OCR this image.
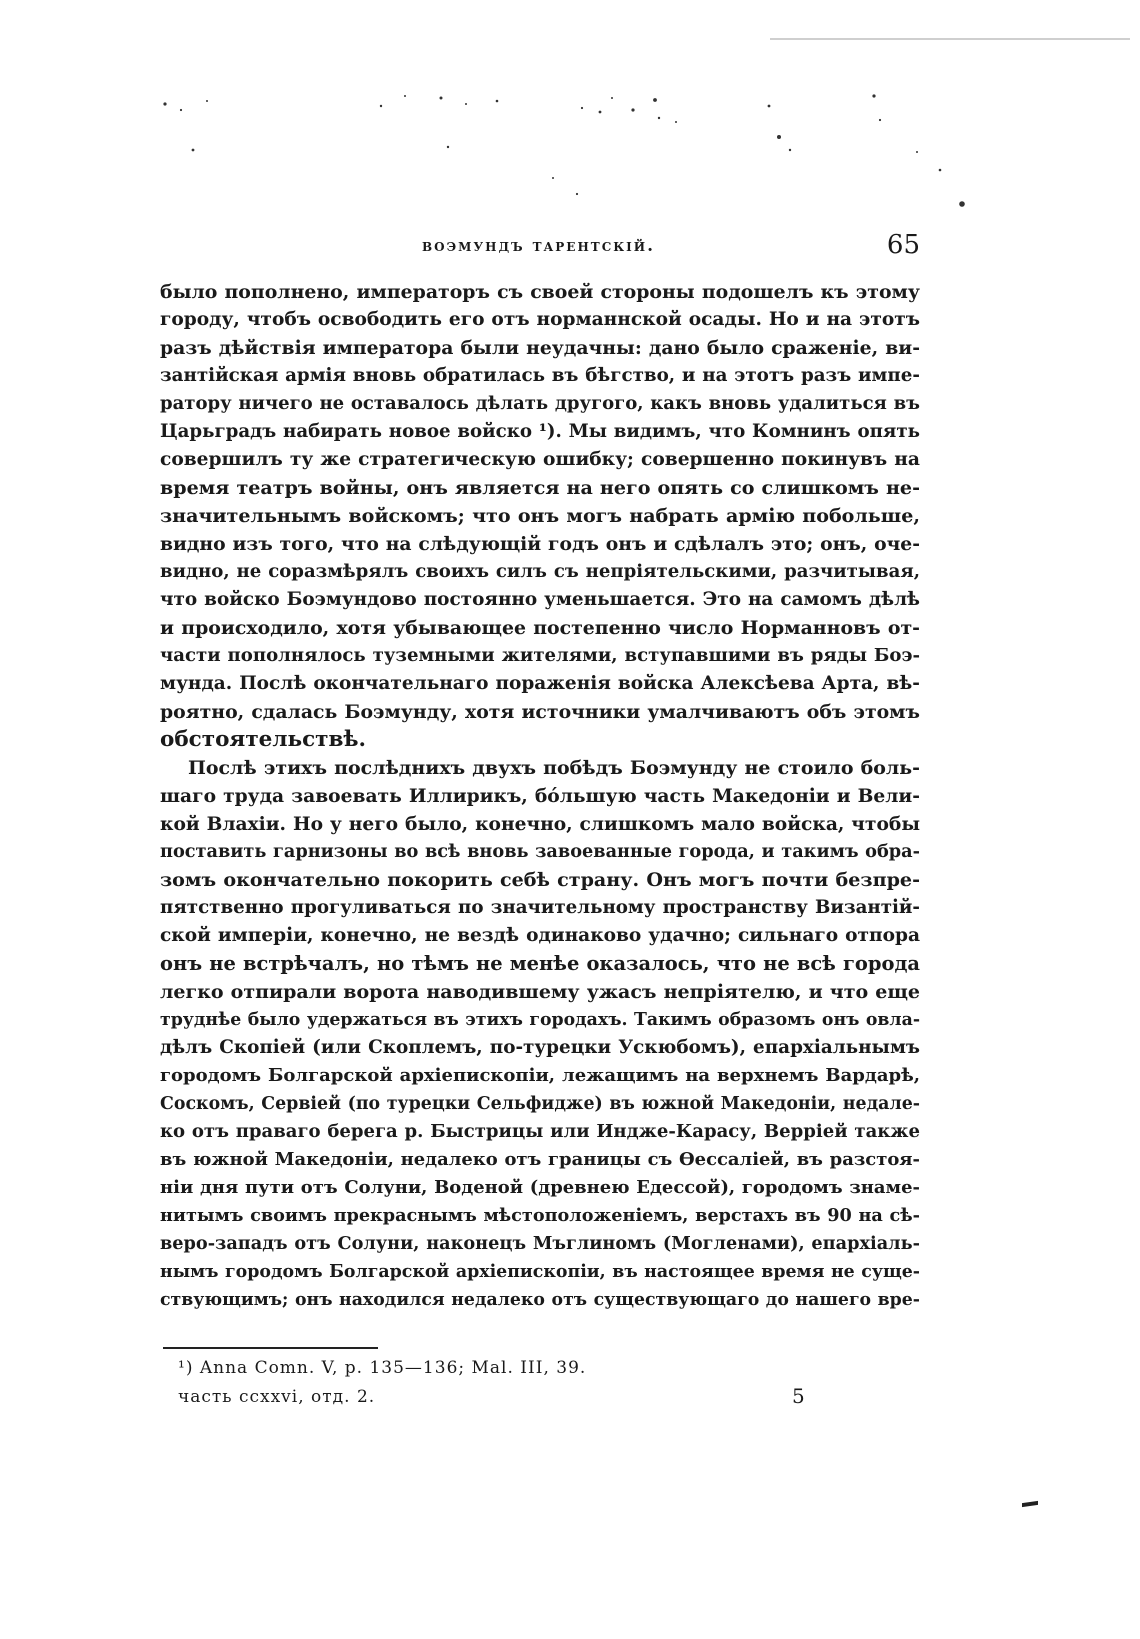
воэмундъ тарентскій.	65
было пополнено, императоръ съ своей стороны подошелъ къ этому
городу, чтобъ освободить его отъ норманнской осады. Но и на этотъ
разъ дѣйствія императора были неудачны: дано было сраженіе, ви-
зантійская армія вновь обратилась въ бѣгство, и на этотъ разъ импе-
ратору ничего не оставалось дѣлать другого, какъ вновь удалиться въ
Царьградъ набирать новое войско ¹). Мы видимъ, что Комнинъ опять
совершилъ ту же стратегическую ошибку; совершенно покинувъ на
время театръ войны, онъ является на него опять со слишкомъ не-
значительнымъ войскомъ; что онъ могъ набрать армію побольше,
видно изъ того, что на слѣдующій годъ онъ и сдѣлалъ это; онъ, оче-
видно, не соразмѣрялъ своихъ силъ съ непріятельскими, разчитывая,
что войско Боэмундово постоянно уменьшается. Это на самомъ дѣлѣ
и происходило, хотя убывающее постепенно число Норманновъ от-
части пополнялось туземными жителями, вступавшими въ ряды Боэ-
мунда. Послѣ окончательнаго пораженія войска Алексѣева Арта, вѣ-
роятно, сдалась Боэмунду, хотя источники умалчиваютъ объ этомъ
обстоятельствѣ.
Послѣ этихъ послѣднихъ двухъ побѣдъ Боэмунду не стоило боль-
шаго труда завоевать Иллирикъ, бóльшую часть Македоніи и Вели-
кой Влахіи. Но у него было, конечно, слишкомъ мало войска, чтобы
поставить гарнизоны во всѣ вновь завоеванные города, и такимъ обра-
зомъ окончательно покорить себѣ страну. Онъ могъ почти безпре-
пятственно прогуливаться по значительному пространству Византій-
ской имперіи, конечно, не вездѣ одинаково удачно; сильнаго отпора
онъ не встрѣчалъ, но тѣмъ не менѣе оказалось, что не всѣ города
легко отпирали ворота наводившему ужасъ непріятелю, и что еще
труднѣе было удержаться въ этихъ городахъ. Такимъ образомъ онъ овла-
дѣлъ Скопіей (или Скоплемъ, по-турецки Ускюбомъ), епархіальнымъ
городомъ Болгарской архіепископіи, лежащимъ на верхнемъ Вардарѣ,
Соскомъ, Сервіей (по турецки Сельфидже) въ южной Македоніи, недале-
ко отъ праваго берега р. Быстрицы или Индже-Карасу, Верріей также
въ южной Македоніи, недалеко отъ границы съ Ѳессаліей, въ разстоя-
ніи дня пути отъ Солуни, Воденой (древнею Едессой), городомъ знаме-
нитымъ своимъ прекраснымъ мѣстоположеніемъ, верстахъ въ 90 на сѣ-
веро-западъ отъ Солуни, наконецъ Мъглиномъ (Могленами), епархіаль-
нымъ городомъ Болгарской архіепископіи, въ настоящее время не суще-
ствующимъ; онъ находился недалеко отъ существующаго до нашего вре-
¹) Anna Comn. V, p. 135—136; Mal. III, 39.
часть ccxxvi, отд. 2.	5
